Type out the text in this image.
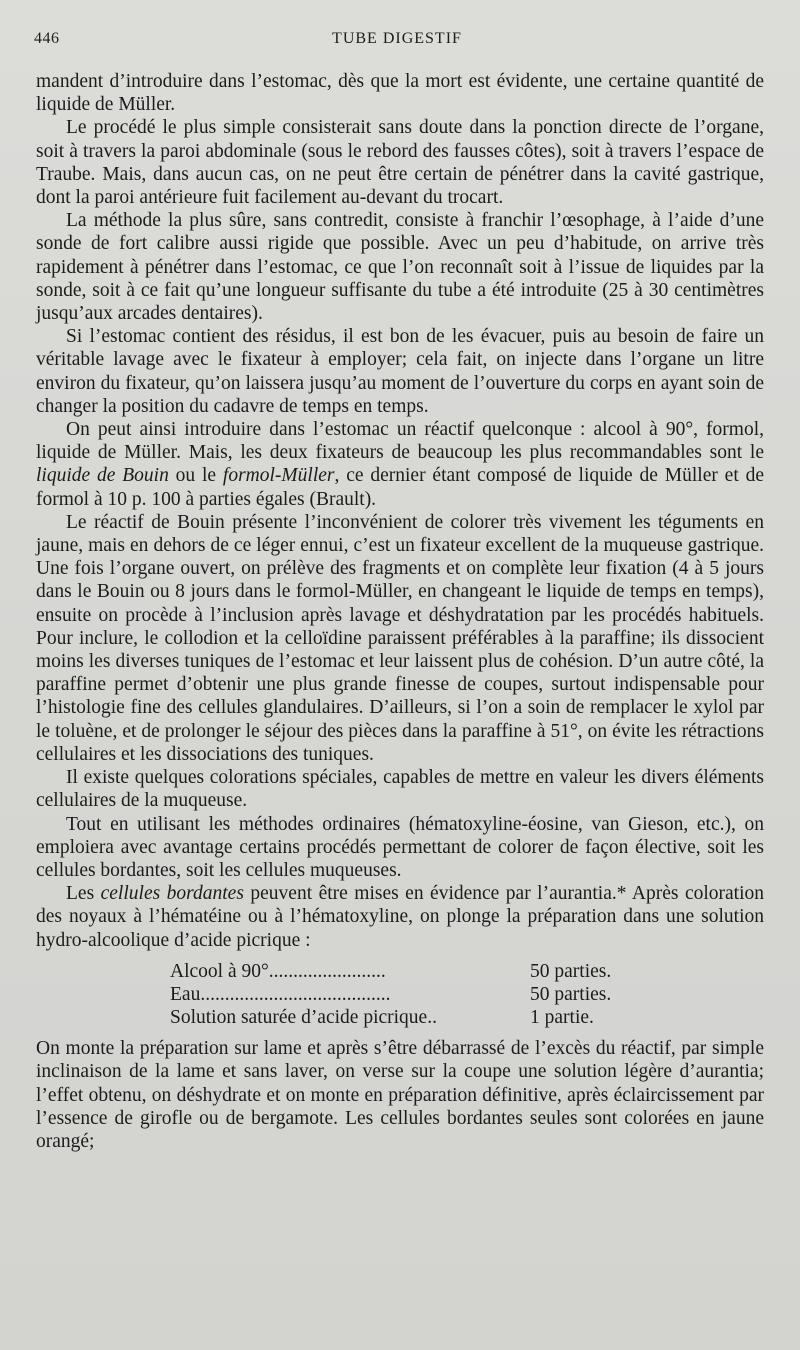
446	TUBE DIGESTIF

mandent d’introduire dans l’estomac, dès que la mort est évidente, une certaine quantité de liquide de Müller.

Le procédé le plus simple consisterait sans doute dans la ponction directe de l’organe, soit à travers la paroi abdominale (sous le rebord des fausses côtes), soit à travers l’espace de Traube. Mais, dans aucun cas, on ne peut être certain de pénétrer dans la cavité gastrique, dont la paroi antérieure fuit facilement au-devant du trocart.

La méthode la plus sûre, sans contredit, consiste à franchir l’œsophage, à l’aide d’une sonde de fort calibre aussi rigide que possible. Avec un peu d’habitude, on arrive très rapidement à pénétrer dans l’estomac, ce que l’on reconnaît soit à l’issue de liquides par la sonde, soit à ce fait qu’une longueur suffisante du tube a été introduite (25 à 30 centimètres jusqu’aux arcades dentaires).

Si l’estomac contient des résidus, il est bon de les évacuer, puis au besoin de faire un véritable lavage avec le fixateur à employer; cela fait, on injecte dans l’organe un litre environ du fixateur, qu’on laissera jusqu’au moment de l’ouverture du corps en ayant soin de changer la position du cadavre de temps en temps.

On peut ainsi introduire dans l’estomac un réactif quelconque : alcool à 90°, formol, liquide de Müller. Mais, les deux fixateurs de beaucoup les plus recommandables sont le liquide de Bouin ou le formol-Müller, ce dernier étant composé de liquide de Müller et de formol à 10 p. 100 à parties égales (Brault).

Le réactif de Bouin présente l’inconvénient de colorer très vivement les téguments en jaune, mais en dehors de ce léger ennui, c’est un fixateur excellent de la muqueuse gastrique. Une fois l’organe ouvert, on prélève des fragments et on complète leur fixation (4 à 5 jours dans le Bouin ou 8 jours dans le formol-Müller, en changeant le liquide de temps en temps), ensuite on procède à l’inclusion après lavage et déshydratation par les procédés habituels. Pour inclure, le collodion et la celloïdine paraissent préférables à la paraffine; ils dissocient moins les diverses tuniques de l’estomac et leur laissent plus de cohésion. D’un autre côté, la paraffine permet d’obtenir une plus grande finesse de coupes, surtout indispensable pour l’histologie fine des cellules glandulaires. D’ailleurs, si l’on a soin de remplacer le xylol par le toluène, et de prolonger le séjour des pièces dans la paraffine à 51°, on évite les rétractions cellulaires et les dissociations des tuniques.

Il existe quelques colorations spéciales, capables de mettre en valeur les divers éléments cellulaires de la muqueuse.

Tout en utilisant les méthodes ordinaires (hématoxyline-éosine, van Gieson, etc.), on emploiera avec avantage certains procédés permettant de colorer de façon élective, soit les cellules bordantes, soit les cellules muqueuses.

Les cellules bordantes peuvent être mises en évidence par l’aurantia.* Après coloration des noyaux à l’hématéine ou à l’hématoxyline, on plonge la préparation dans une solution hydro-alcoolique d’acide picrique :

Alcool à 90°........................	50 parties.
Eau.......................................	50 parties.
Solution saturée d’acide picrique..	1 partie.

On monte la préparation sur lame et après s’être débarrassé de l’excès du réactif, par simple inclinaison de la lame et sans laver, on verse sur la coupe une solution légère d’aurantia; l’effet obtenu, on déshydrate et on monte en préparation définitive, après éclaircissement par l’essence de girofle ou de bergamote. Les cellules bordantes seules sont colorées en jaune orangé;
